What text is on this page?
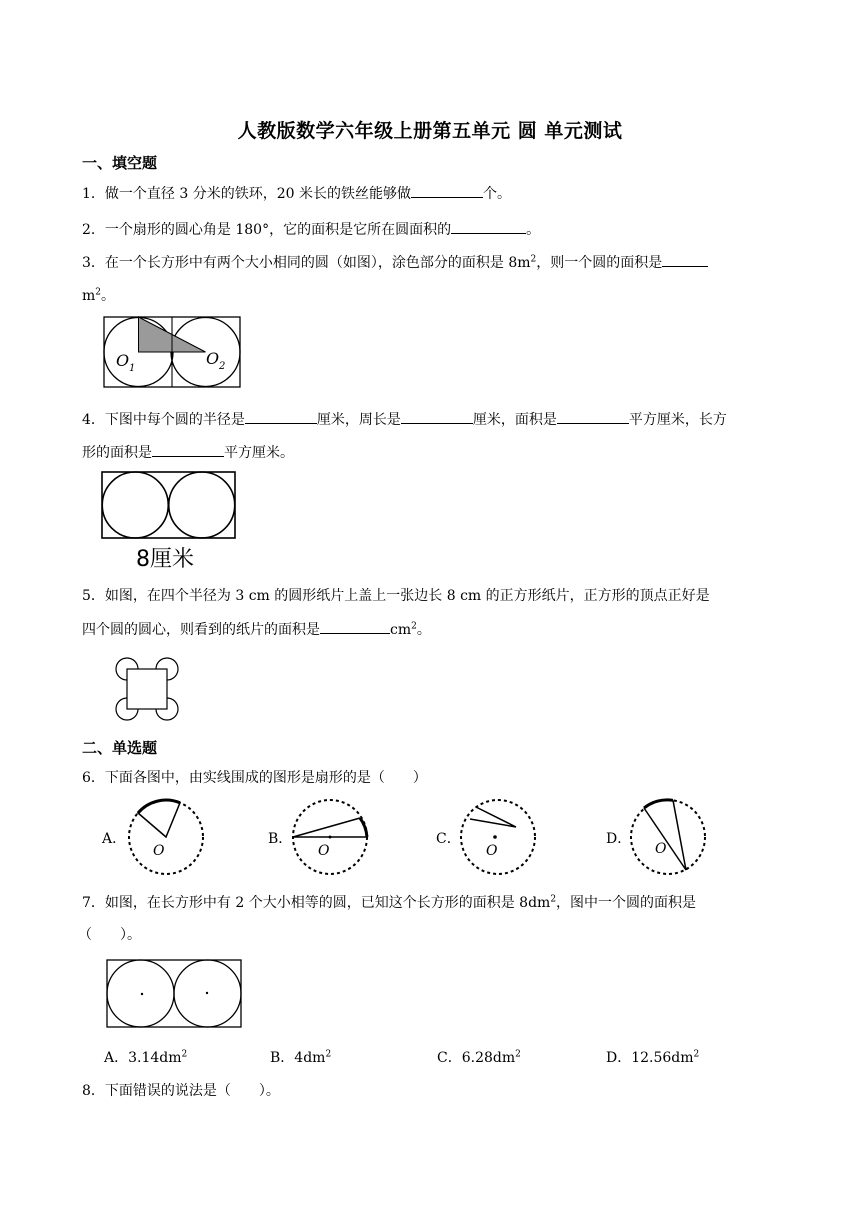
人教版数学六年级上册第五单元 圆 单元测试
一、填空题
1．做一个直径 3 分米的铁环，20 米长的铁丝能够做	个。
2．一个扇形的圆心角是 180°，它的面积是它所在圆面积的	。
3．在一个长方形中有两个大小相同的圆（如图），涂色部分的面积是 $8m^2$，则一个圆的面积是
$m^2$。
O 1
O 2
4．下图中每个圆的半径是	厘米，周长是	厘米，面积是	平方厘米，长方
形的面积是	平方厘米。
8厘米
5．如图，在四个半径为 3 cm 的圆形纸片上盖上一张边长 8 cm 的正方形纸片，正方形的顶点正好是
四个圆的圆心，则看到的纸片的面积是	$cm^2$。
二、单选题
6．下面各图中，由实线围成的图形是扇形的是（　　）
A．
O
B．
O
C．
O
D．
O
7．如图，在长方形中有 2 个大小相等的圆，已知这个长方形的面积是 $8dm^2$，图中一个圆的面积是
（　　）。
A．$3.14dm^2$	B．$4dm^2$	C．$6.28dm^2$	D．$12.56dm^2$
8．下面错误的说法是（　　）。
